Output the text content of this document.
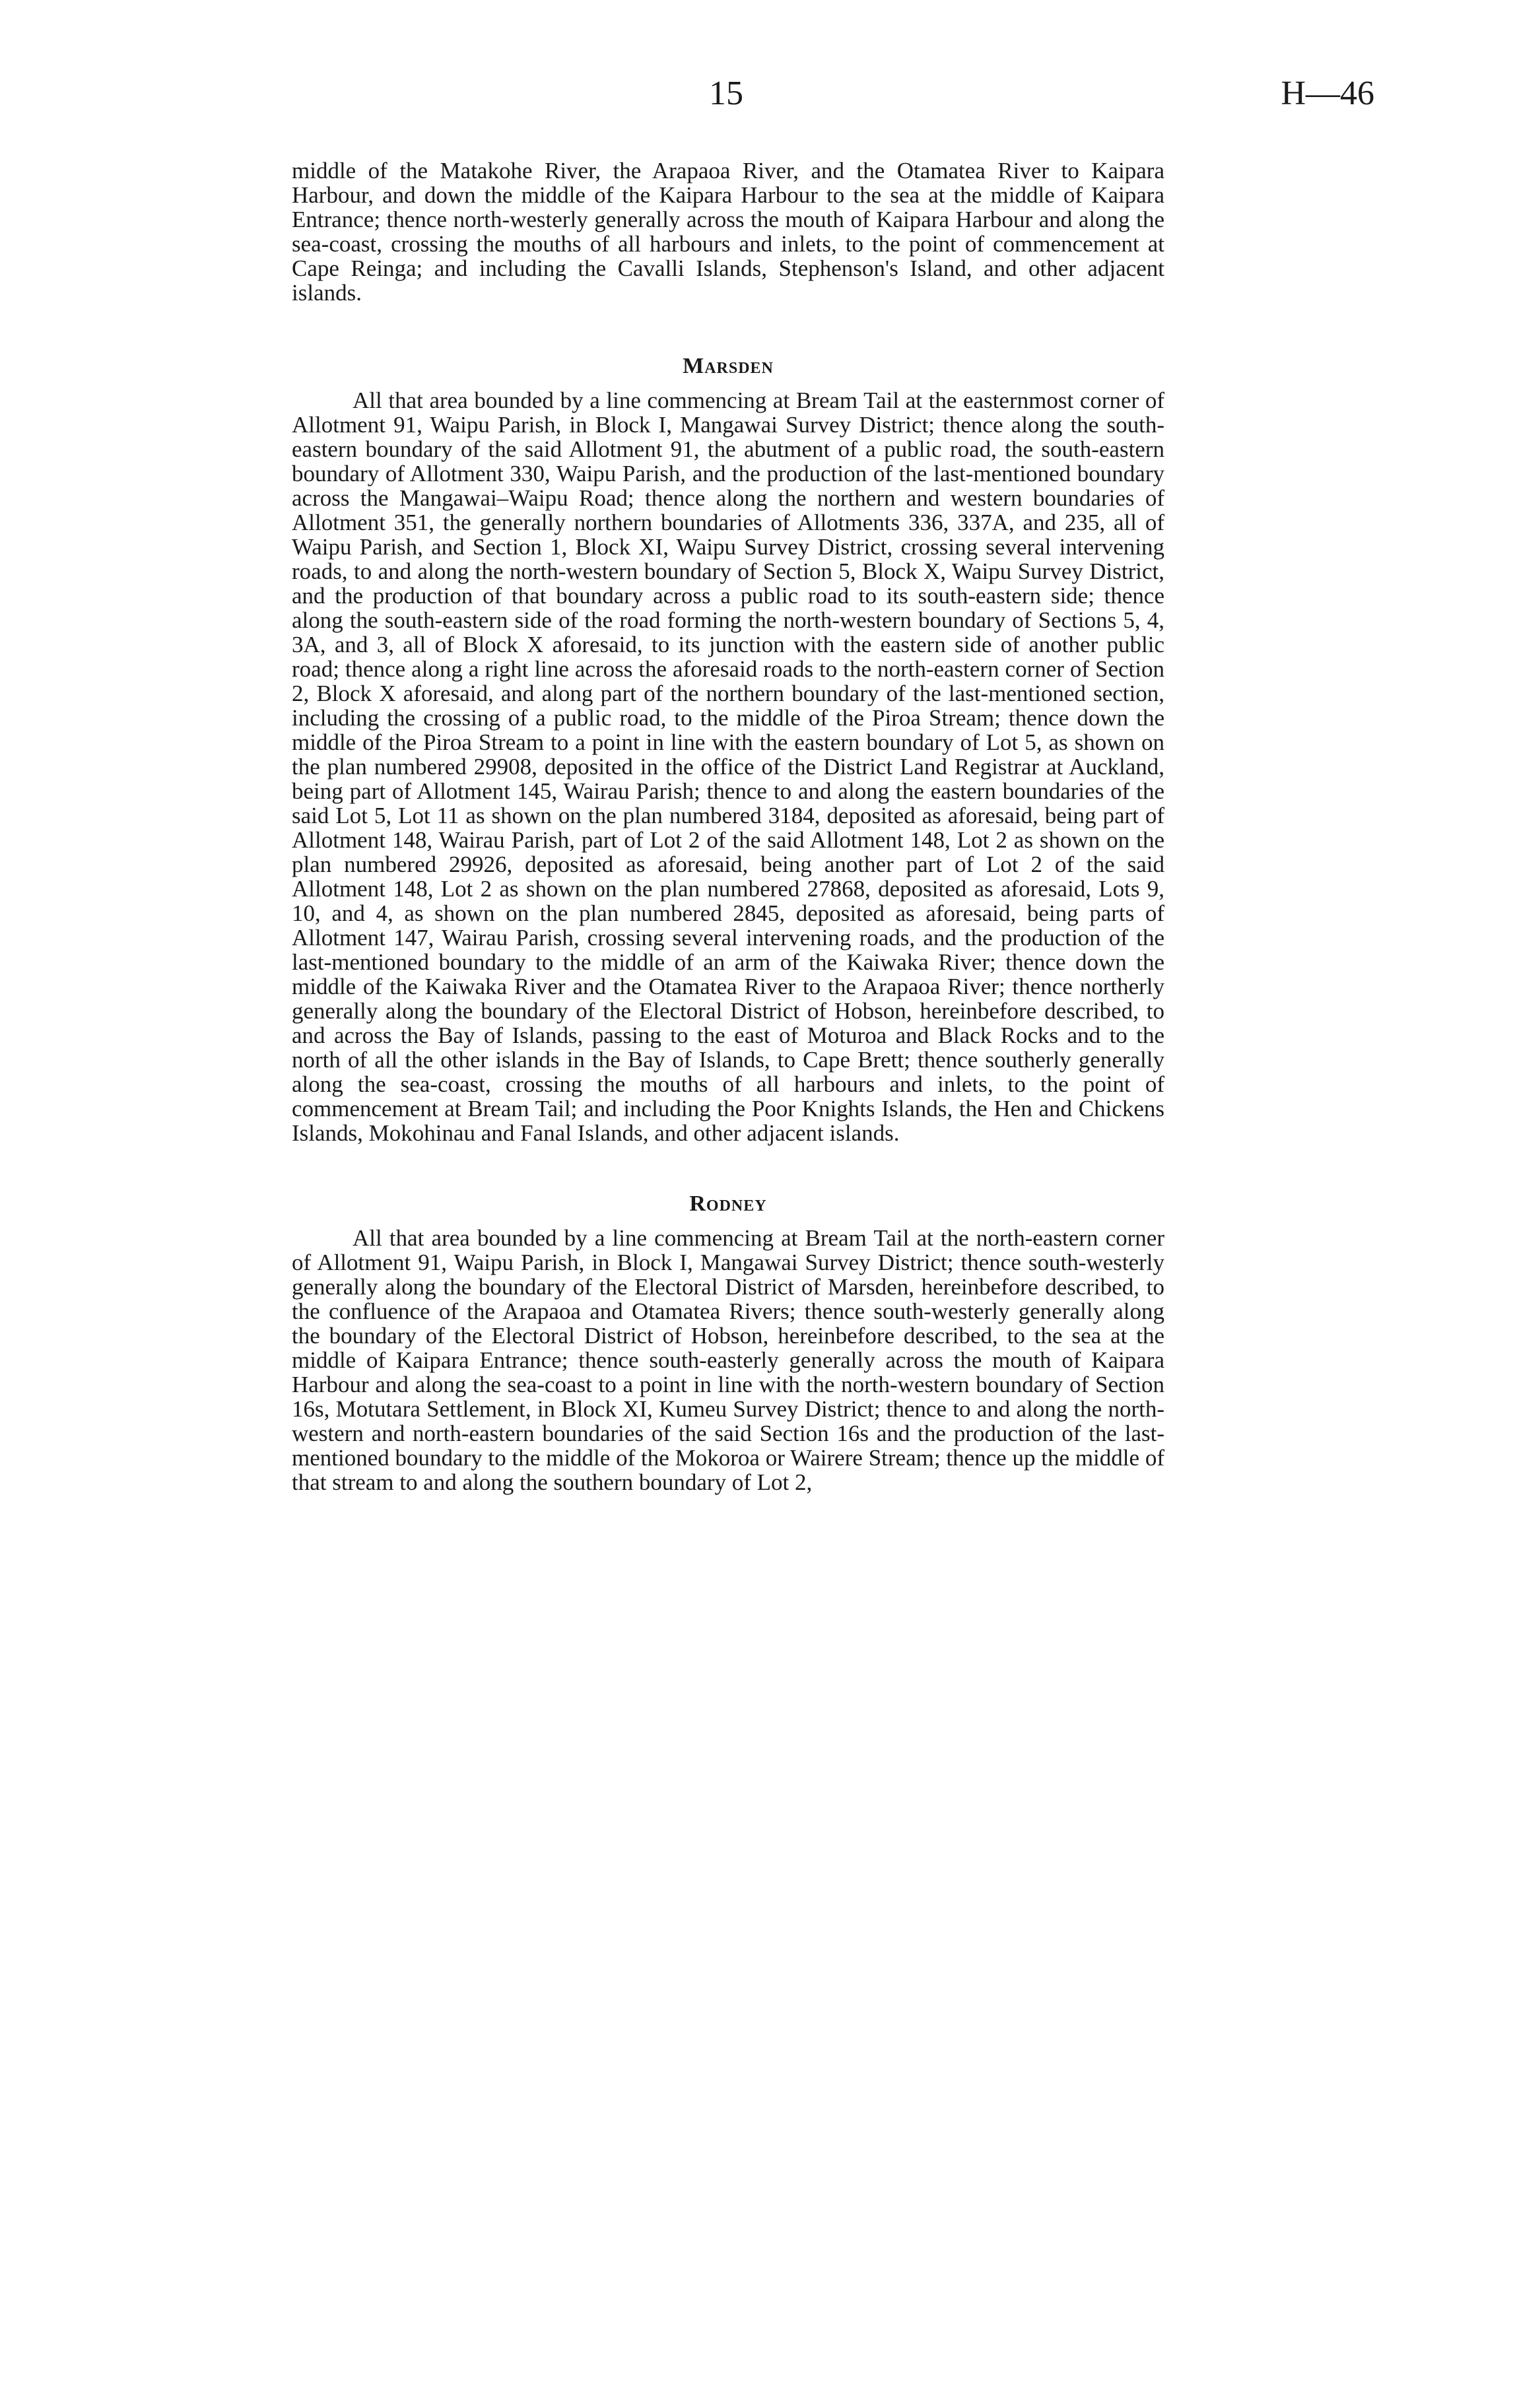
15	H—46

middle of the Matakohe River, the Arapaoa River, and the Otamatea River to Kaipara Harbour, and down the middle of the Kaipara Harbour to the sea at the middle of Kaipara Entrance; thence north-westerly generally across the mouth of Kaipara Harbour and along the sea-coast, crossing the mouths of all harbours and inlets, to the point of commencement at Cape Reinga; and including the Cavalli Islands, Stephenson's Island, and other adjacent islands.

Marsden

All that area bounded by a line commencing at Bream Tail at the easternmost corner of Allotment 91, Waipu Parish, in Block I, Mangawai Survey District; thence along the south-eastern boundary of the said Allotment 91, the abutment of a public road, the south-eastern boundary of Allotment 330, Waipu Parish, and the production of the last-mentioned boundary across the Mangawai–Waipu Road; thence along the northern and western boundaries of Allotment 351, the generally northern boundaries of Allotments 336, 337A, and 235, all of Waipu Parish, and Section 1, Block XI, Waipu Survey District, crossing several intervening roads, to and along the north-western boundary of Section 5, Block X, Waipu Survey District, and the production of that boundary across a public road to its south-eastern side; thence along the south-eastern side of the road forming the north-western boundary of Sections 5, 4, 3A, and 3, all of Block X aforesaid, to its junction with the eastern side of another public road; thence along a right line across the aforesaid roads to the north-eastern corner of Section 2, Block X aforesaid, and along part of the northern boundary of the last-mentioned section, including the crossing of a public road, to the middle of the Piroa Stream; thence down the middle of the Piroa Stream to a point in line with the eastern boundary of Lot 5, as shown on the plan numbered 29908, deposited in the office of the District Land Registrar at Auckland, being part of Allotment 145, Wairau Parish; thence to and along the eastern boundaries of the said Lot 5, Lot 11 as shown on the plan numbered 3184, deposited as aforesaid, being part of Allotment 148, Wairau Parish, part of Lot 2 of the said Allotment 148, Lot 2 as shown on the plan numbered 29926, deposited as aforesaid, being another part of Lot 2 of the said Allotment 148, Lot 2 as shown on the plan numbered 27868, deposited as aforesaid, Lots 9, 10, and 4, as shown on the plan numbered 2845, deposited as aforesaid, being parts of Allotment 147, Wairau Parish, crossing several intervening roads, and the production of the last-mentioned boundary to the middle of an arm of the Kaiwaka River; thence down the middle of the Kaiwaka River and the Otamatea River to the Arapaoa River; thence northerly generally along the boundary of the Electoral District of Hobson, hereinbefore described, to and across the Bay of Islands, passing to the east of Moturoa and Black Rocks and to the north of all the other islands in the Bay of Islands, to Cape Brett; thence southerly generally along the sea-coast, crossing the mouths of all harbours and inlets, to the point of commencement at Bream Tail; and including the Poor Knights Islands, the Hen and Chickens Islands, Mokohinau and Fanal Islands, and other adjacent islands.

Rodney

All that area bounded by a line commencing at Bream Tail at the north-eastern corner of Allotment 91, Waipu Parish, in Block I, Mangawai Survey District; thence south-westerly generally along the boundary of the Electoral District of Marsden, hereinbefore described, to the confluence of the Arapaoa and Otamatea Rivers; thence south-westerly generally along the boundary of the Electoral District of Hobson, hereinbefore described, to the sea at the middle of Kaipara Entrance; thence south-easterly generally across the mouth of Kaipara Harbour and along the sea-coast to a point in line with the north-western boundary of Section 16s, Motutara Settlement, in Block XI, Kumeu Survey District; thence to and along the north-western and north-eastern boundaries of the said Section 16s and the production of the last-mentioned boundary to the middle of the Mokoroa or Wairere Stream; thence up the middle of that stream to and along the southern boundary of Lot 2,
